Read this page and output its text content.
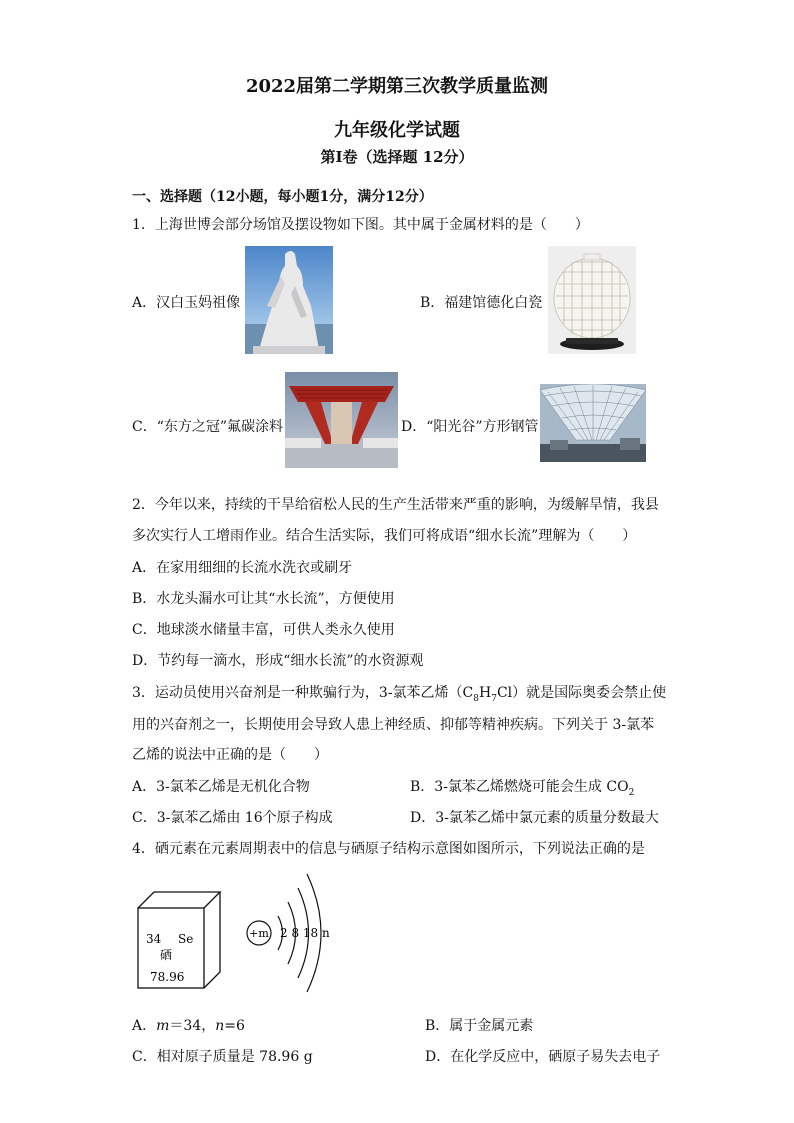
2022届第二学期第三次教学质量监测
九年级化学试题
第Ⅰ卷（选择题 12分）
一、选择题（12小题，每小题1分，满分12分）
1．上海世博会部分场馆及摆设物如下图。其中属于金属材料的是（　　）
A．汉白玉妈祖像	B．福建馆德化白瓷
C．“东方之冠”氟碳涂料	D．“阳光谷”方形钢管
2．今年以来，持续的干旱给宿松人民的生产生活带来严重的影响，为缓解旱情，我县
多次实行人工增雨作业。结合生活实际，我们可将成语“细水长流”理解为（　　）
A．在家用细细的长流水洗衣或刷牙
B．水龙头漏水可让其“水长流”，方便使用
C．地球淡水储量丰富，可供人类永久使用
D．节约每一滴水，形成“细水长流”的水资源观
3．运动员使用兴奋剂是一种欺骗行为，3-氯苯乙烯$(C_8H_7Cl)$就是国际奥委会禁止使
用的兴奋剂之一，长期使用会导致人患上神经质、抑郁等精神疾病。下列关于 3-氯苯
乙烯的说法中正确的是（　　）
A．3-氯苯乙烯是无机化合物	B．3-氯苯乙烯燃烧可能会生成 $CO_2$
C．3-氯苯乙烯由 16个原子构成	D．3-氯苯乙烯中氯元素的质量分数最大
4．硒元素在元素周期表中的信息与硒原子结构示意图如图所示，下列说法正确的是
34 Se
硒
78.96
+m 2 8 18 n
A．m＝34，n=6	B．属于金属元素
C．相对原子质量是 78.96 g	D．在化学反应中，硒原子易失去电子
